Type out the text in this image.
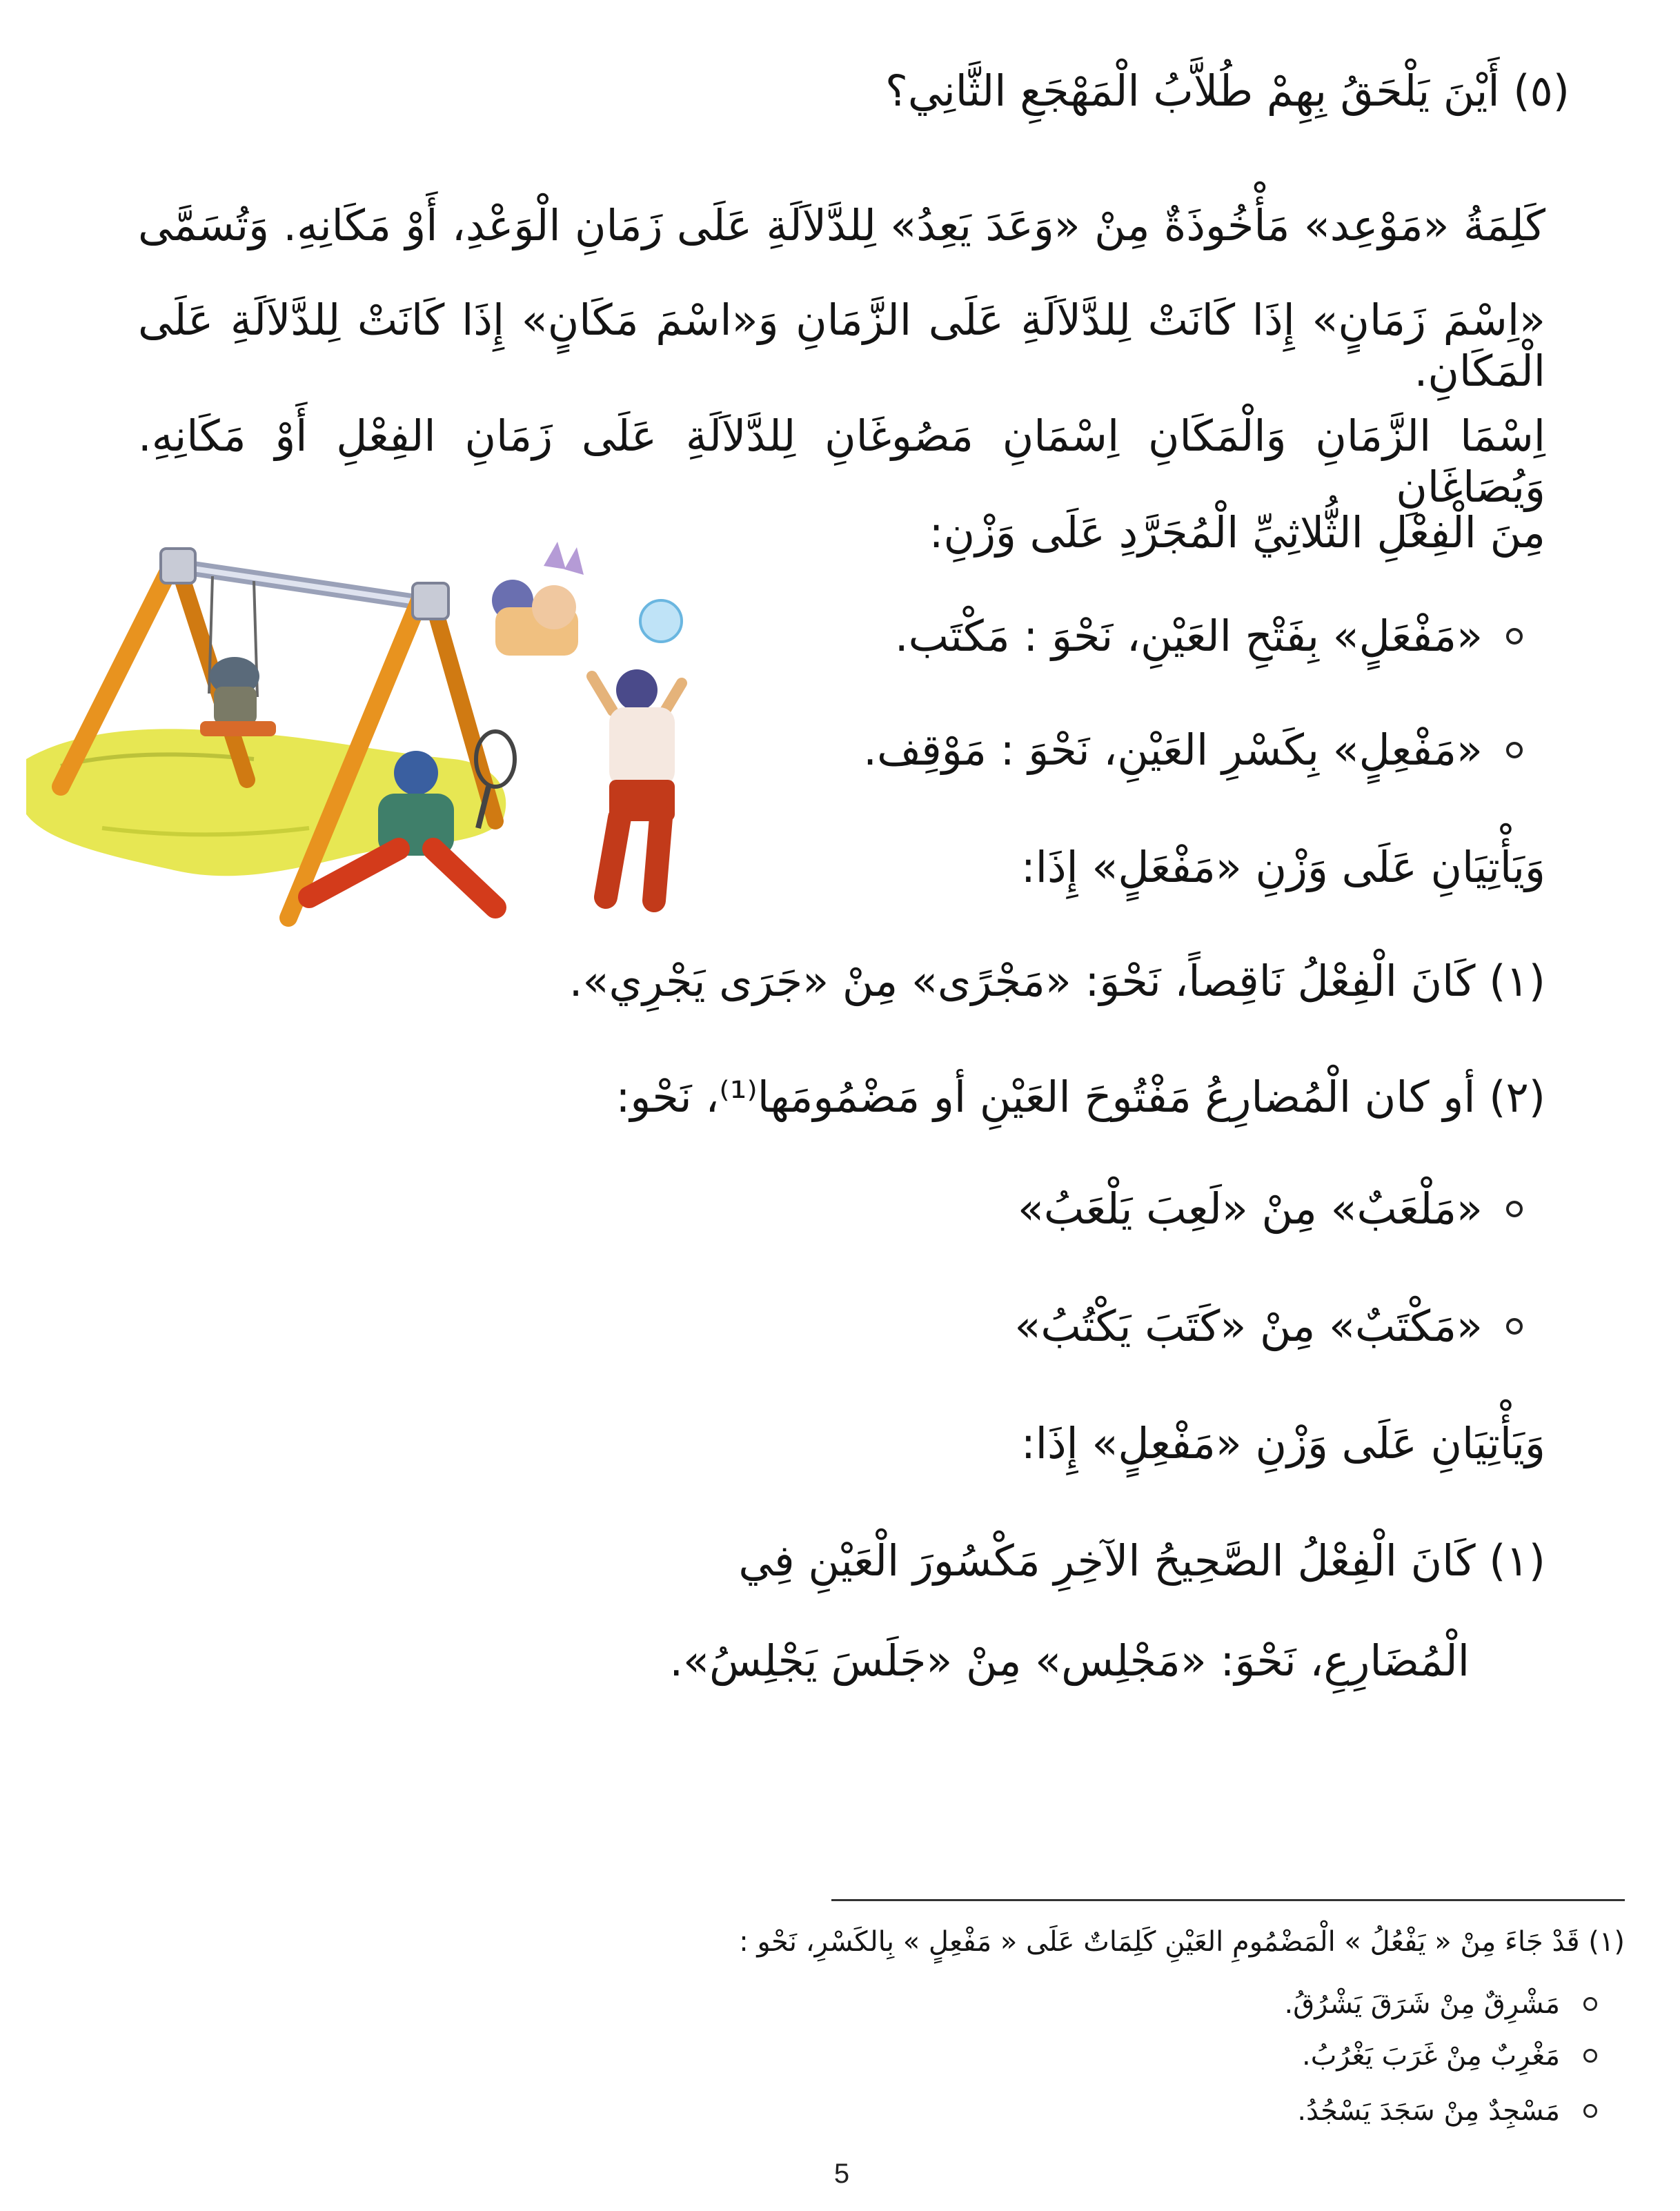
(٥) أَيْنَ يَلْحَقُ بِهِمْ طُلاَّبُ الْمَهْجَعِ الثَّانِي؟
كَلِمَةُ «مَوْعِد» مَأْخُوذَةٌ مِنْ «وَعَدَ يَعِدُ» لِلدَّلاَلَةِ عَلَى زَمَانِ الْوَعْدِ، أَوْ مَكَانِهِ. وَتُسَمَّى
«اِسْمَ زَمَانٍ» إِذَا كَانَتْ لِلدَّلاَلَةِ عَلَى الزَّمَانِ وَ«اسْمَ مَكَانٍ» إِذَا كَانَتْ لِلدَّلاَلَةِ عَلَى الْمَكَانِ.
اِسْمَا الزَّمَانِ وَالْمَكَانِ اِسْمَانِ مَصُوغَانِ لِلدَّلاَلَةِ عَلَى زَمَانِ الفِعْلِ أَوْ مَكَانِهِ. وَيُصَاغَانِ
مِنَ الْفِعْلِ الثُّلاثِيِّ الْمُجَرَّدِ عَلَى وَزْنِ:
«مَفْعَلٍ» بِفَتْحِ العَيْنِ، نَحْوَ : مَكْتَب.
«مَفْعِلٍ» بِكَسْرِ العَيْنِ، نَحْوَ : مَوْقِف.
وَيَأْتِيَانِ عَلَى وَزْنِ «مَفْعَلٍ» إِذَا:
(١) كَانَ الْفِعْلُ نَاقِصاً، نَحْوَ: «مَجْرًى» مِنْ «جَرَى يَجْرِي».
(٢) أو كان الْمُضارِعُ مَفْتُوحَ العَيْنِ أو مَضْمُومَها⁽¹⁾، نَحْو:
«مَلْعَبٌ» مِنْ «لَعِبَ يَلْعَبُ»
«مَكْتَبٌ» مِنْ «كَتَبَ يَكْتُبُ»
وَيَأْتِيَانِ عَلَى وَزْنِ «مَفْعِلٍ» إِذَا:
(١) كَانَ الْفِعْلُ الصَّحِيحُ الآخِرِ مَكْسُورَ الْعَيْنِ فِي
الْمُضَارِعِ، نَحْوَ: «مَجْلِس» مِنْ «جَلَسَ يَجْلِسُ».
(١) قَدْ جَاءَ مِنْ « يَفْعُلُ » الْمَضْمُومِ العَيْنِ كَلِمَاتٌ عَلَى « مَفْعِلٍ » بِالكَسْرِ، نَحْو :
مَشْرِقٌ مِنْ شَرَقَ يَشْرُقُ.
مَغْرِبٌ مِنْ غَرَبَ يَغْرُبُ.
مَسْجِدٌ مِنْ سَجَدَ يَسْجُدُ.
5
